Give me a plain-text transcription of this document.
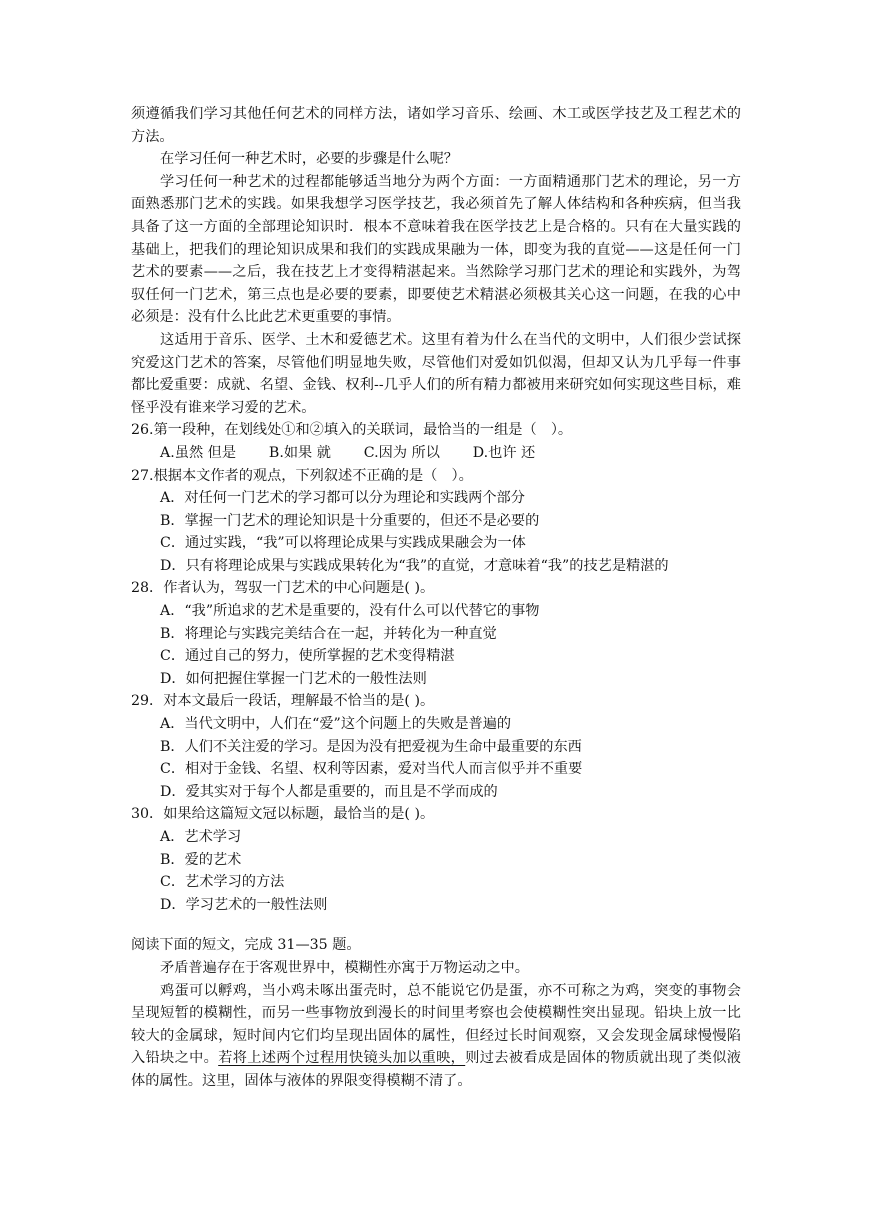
须遵循我们学习其他任何艺术的同样方法，诸如学习音乐、绘画、木工或医学技艺及工程艺术的方法。

在学习任何一种艺术时，必要的步骤是什么呢？

学习任何一种艺术的过程都能够适当地分为两个方面：一方面精通那门艺术的理论，另一方面熟悉那门艺术的实践。如果我想学习医学技艺，我必须首先了解人体结构和各种疾病，但当我具备了这一方面的全部理论知识时．根本不意味着我在医学技艺上是合格的。只有在大量实践的基础上，把我们的理论知识成果和我们的实践成果融为一体，即变为我的直觉——这是任何一门艺术的要素——之后，我在技艺上才变得精湛起来。当然除学习那门艺术的理论和实践外，为驾驭任何一门艺术，第三点也是必要的要素，即要使艺术精湛必须极其关心这一问题，在我的心中必须是：没有什么比此艺术更重要的事情。

这适用于音乐、医学、土木和爱德艺术。这里有着为什么在当代的文明中，人们很少尝试探究爱这门艺术的答案，尽管他们明显地失败，尽管他们对爱如饥似渴，但却又认为几乎每一件事都比爱重要：成就、名望、金钱、权利--几乎人们的所有精力都被用来研究如何实现这些目标，难怪乎没有谁来学习爱的艺术。

26.第一段种，在划线处①和②填入的关联词，最恰当的一组是（　）。
A.虽然 但是　　 B.如果 就　　 C.因为 所以　　 D.也许 还
27.根据本文作者的观点，下列叙述不正确的是（　）。
A．对任何一门艺术的学习都可以分为理论和实践两个部分
B．掌握一门艺术的理论知识是十分重要的，但还不是必要的
C．通过实践，“我”可以将理论成果与实践成果融会为一体
D．只有将理论成果与实践成果转化为“我”的直觉，才意味着“我”的技艺是精湛的
28．作者认为，驾驭一门艺术的中心问题是( )。
A．“我”所追求的艺术是重要的，没有什么可以代替它的事物
B．将理论与实践完美结合在一起，并转化为一种直觉
C．通过自己的努力，使所掌握的艺术变得精湛
D．如何把握住掌握一门艺术的一般性法则
29．对本文最后一段话，理解最不恰当的是( )。
A．当代文明中，人们在“爱”这个问题上的失败是普遍的
B．人们不关注爱的学习。是因为没有把爱视为生命中最重要的东西
C．相对于金钱、名望、权利等因素，爱对当代人而言似乎并不重要
D．爱其实对于每个人都是重要的，而且是不学而成的
30．如果给这篇短文冠以标题，最恰当的是( )。
A．艺术学习
B．爱的艺术
C．艺术学习的方法
D．学习艺术的一般性法则

阅读下面的短文，完成 31—35 题。

矛盾普遍存在于客观世界中，模糊性亦寓于万物运动之中。

鸡蛋可以孵鸡，当小鸡未啄出蛋壳时，总不能说它仍是蛋，亦不可称之为鸡，突变的事物会呈现短暂的模糊性，而另一些事物放到漫长的时间里考察也会使模糊性突出显现。铅块上放一比较大的金属球，短时间内它们均呈现出固体的属性，但经过长时间观察，又会发现金属球慢慢陷入铅块之中。若将上述两个过程用快镜头加以重映，则过去被看成是固体的物质就出现了类似液体的属性。这里，固体与液体的界限变得模糊不清了。
